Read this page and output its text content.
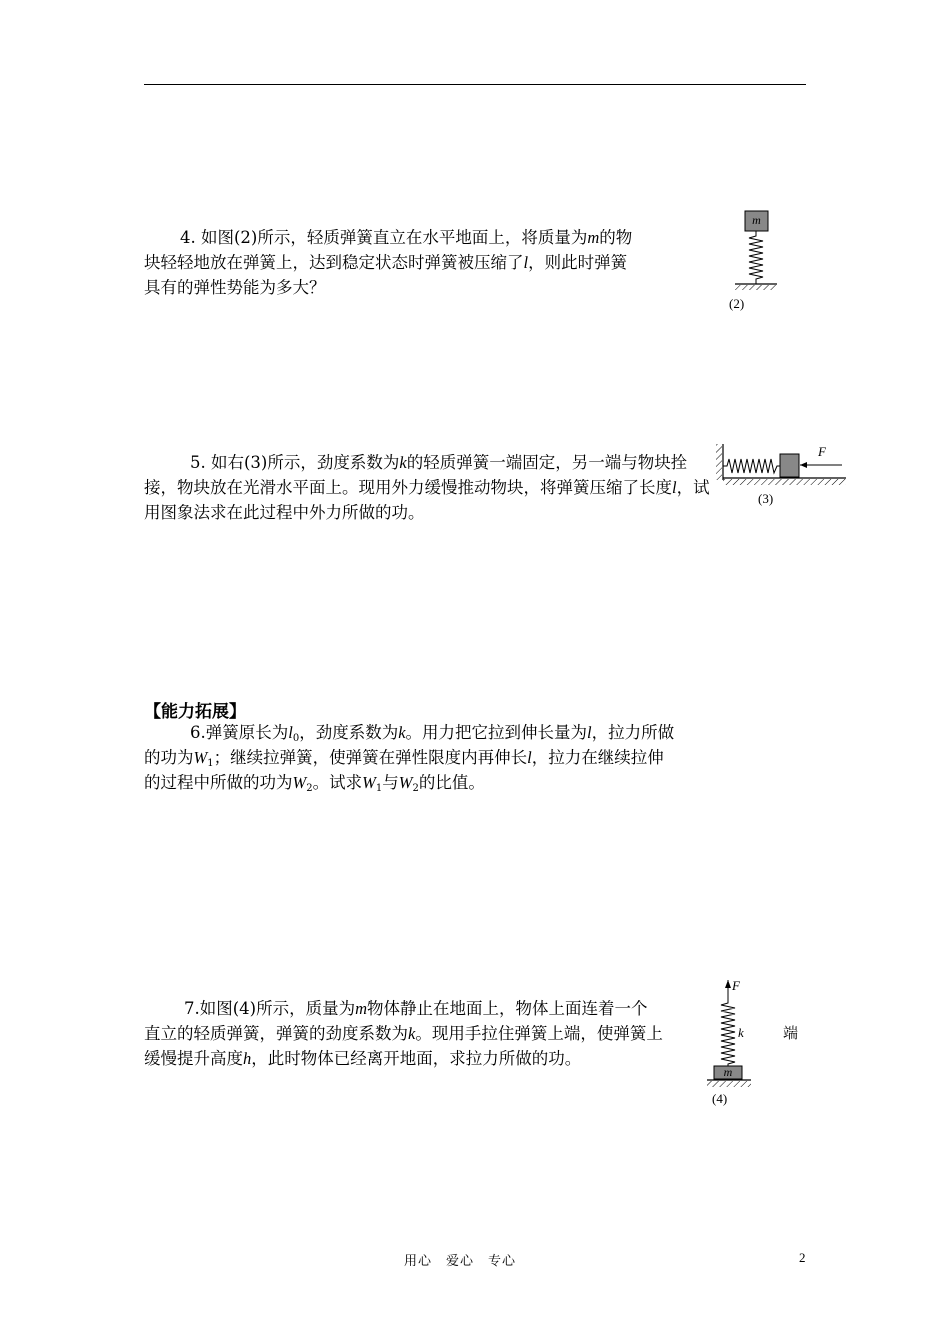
4. 如图(2)所示，轻质弹簧直立在水平地面上，将质量为m的物
块轻轻地放在弹簧上，达到稳定状态时弹簧被压缩了l，则此时弹簧
具有的弹性势能为多大？

m
(2)

5. 如右(3)所示，劲度系数为k的轻质弹簧一端固定，另一端与物块拴
接，物块放在光滑水平面上。现用外力缓慢推动物块，将弹簧压缩了长度l，试
用图象法求在此过程中外力所做的功。

F
(3)
【能力拓展】

6.弹簧原长为$l_0$，劲度系数为k。用力把它拉到伸长量为l，拉力所做
的功为$W_1$；继续拉弹簧，使弹簧在弹性限度内再伸长l，拉力在继续拉伸
的过程中所做的功为$W_2$。试求$W_1$与$W_2$的比值。

7.如图(4)所示，质量为m物体静止在地面上，物体上面连着一个
直立的轻质弹簧，弹簧的劲度系数为k。现用手拉住弹簧上端，使弹簧上
缓慢提升高度h，此时物体已经离开地面，求拉力所做的功。

端
F
k
m
(4)
用心　爱心　专心	2
